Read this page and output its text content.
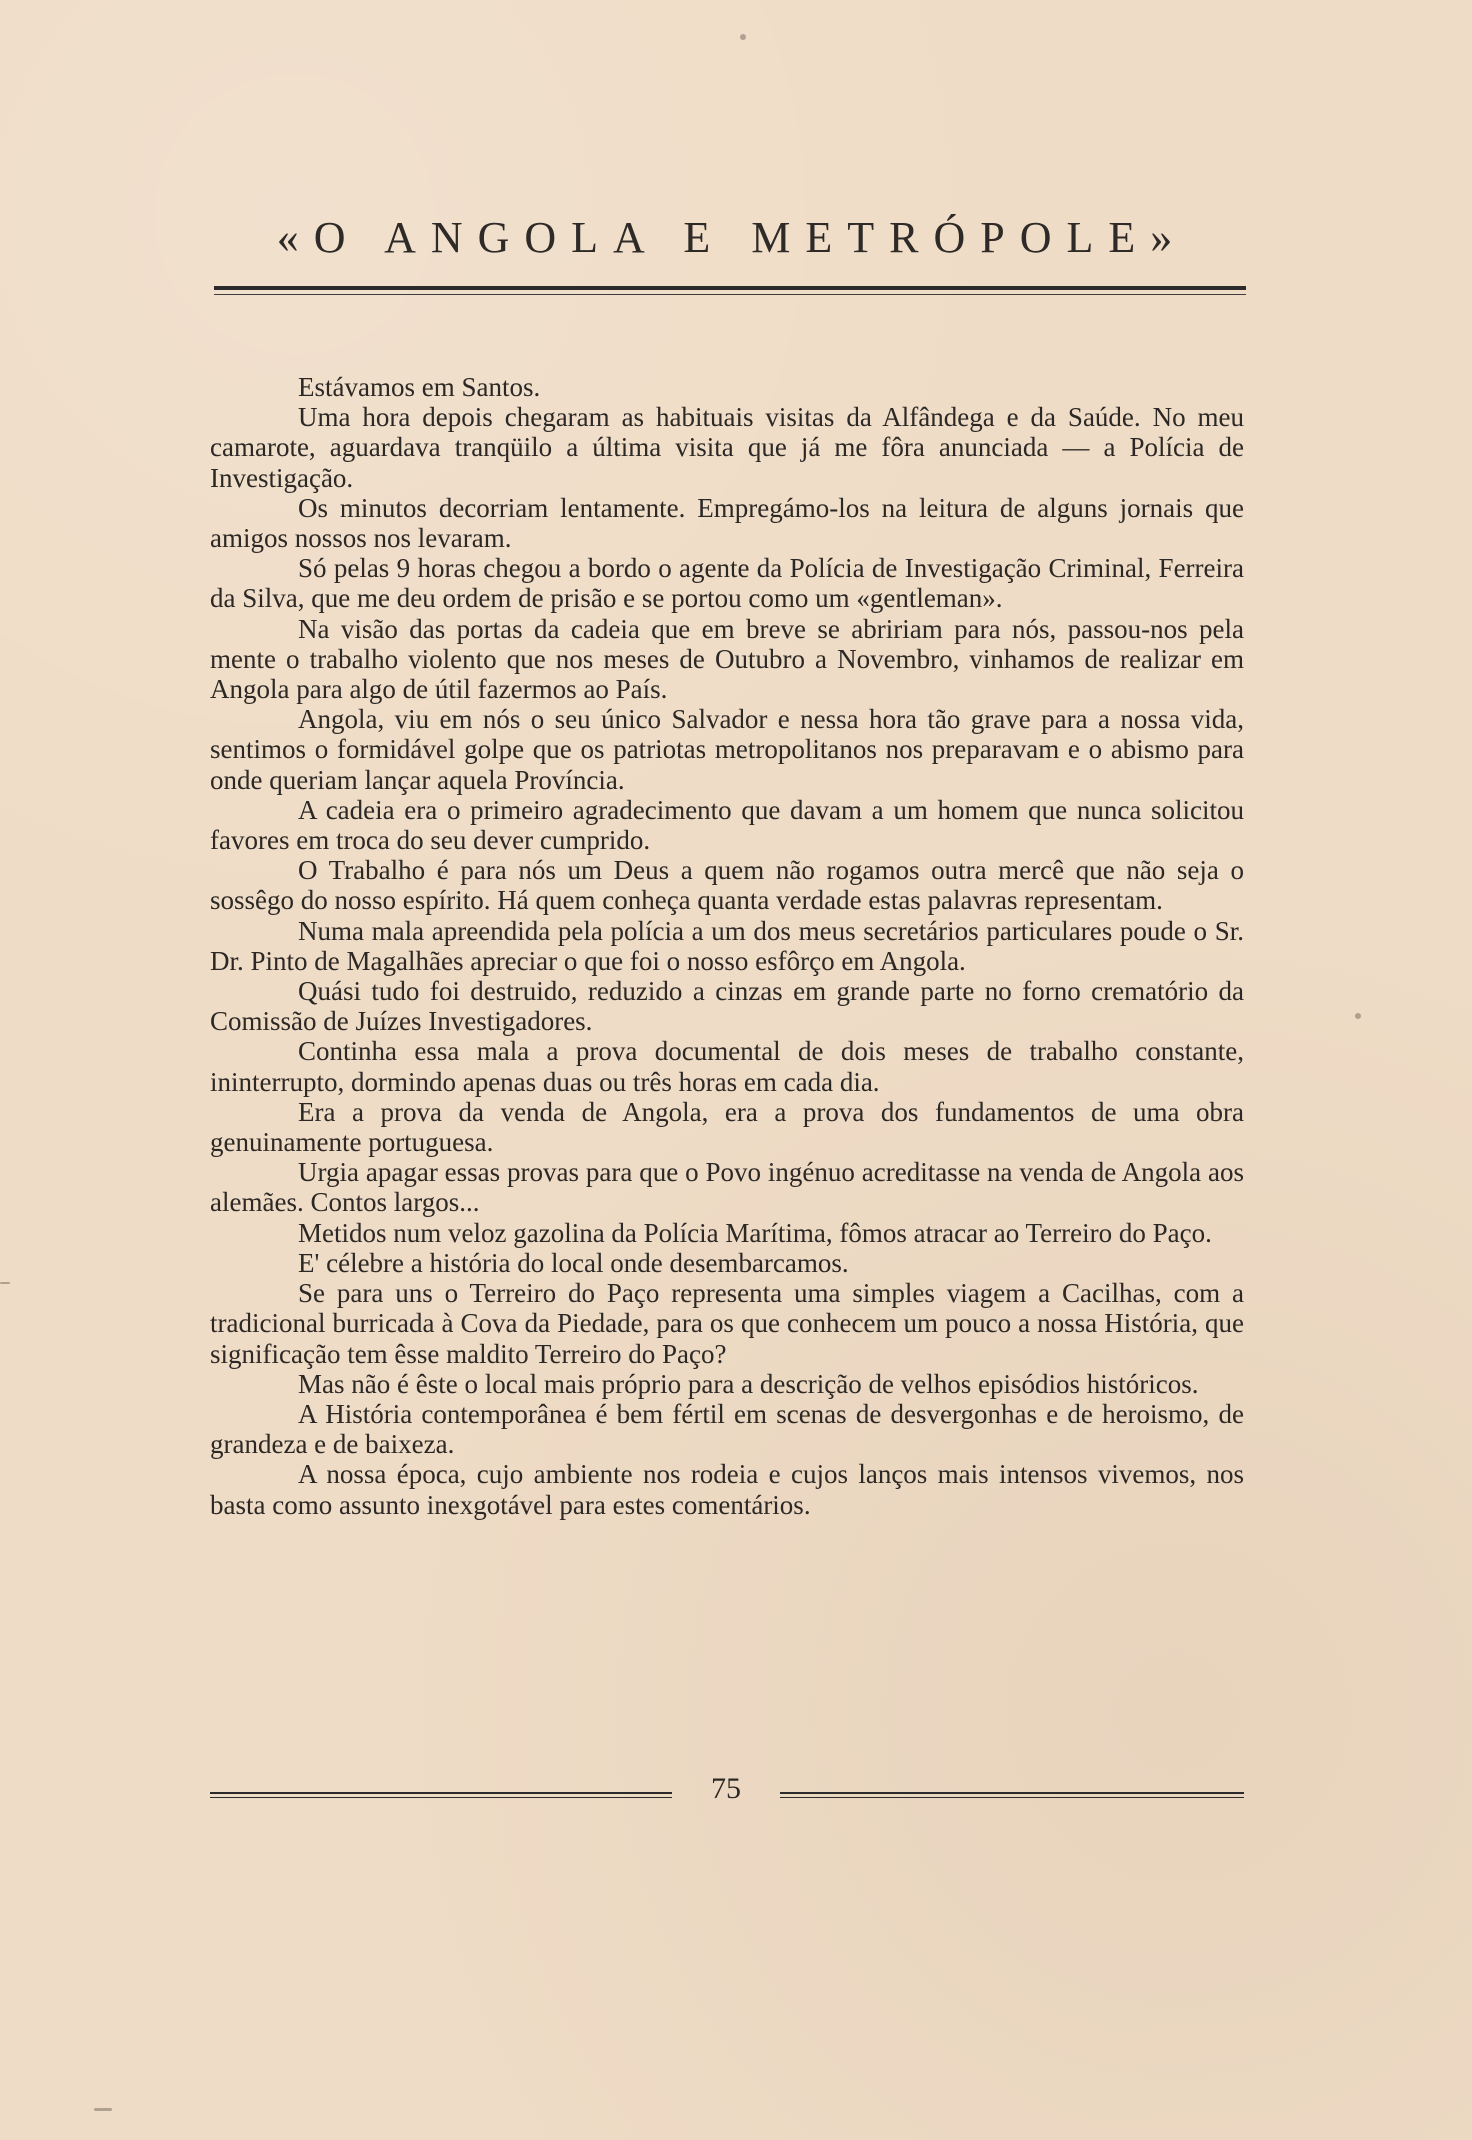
«O ANGOLA E METRÓPOLE»

Estávamos em Santos.

Uma hora depois chegaram as habituais visitas da Alfândega e da Saúde. No meu camarote, aguardava tranqüilo a última visita que já me fôra anunciada — a Polícia de Investigação.

Os minutos decorriam lentamente. Empregámo-los na leitura de alguns jornais que amigos nossos nos levaram.

Só pelas 9 horas chegou a bordo o agente da Polícia de Investigação Criminal, Ferreira da Silva, que me deu ordem de prisão e se portou como um «gentleman».

Na visão das portas da cadeia que em breve se abririam para nós, passou-nos pela mente o trabalho violento que nos meses de Outubro a Novembro, vinhamos de realizar em Angola para algo de útil fazermos ao País.

Angola, viu em nós o seu único Salvador e nessa hora tão grave para a nossa vida, sentimos o formidável golpe que os patriotas metropolitanos nos preparavam e o abismo para onde queriam lançar aquela Província.

A cadeia era o primeiro agradecimento que davam a um homem que nunca solicitou favores em troca do seu dever cumprido.

O Trabalho é para nós um Deus a quem não rogamos outra mercê que não seja o sossêgo do nosso espírito. Há quem conheça quanta verdade estas palavras representam.

Numa mala apreendida pela polícia a um dos meus secretários particulares poude o Sr. Dr. Pinto de Magalhães apreciar o que foi o nosso esfôrço em Angola.

Quási tudo foi destruido, reduzido a cinzas em grande parte no forno crematório da Comissão de Juízes Investigadores.

Continha essa mala a prova documental de dois meses de trabalho constante, ininterrupto, dormindo apenas duas ou três horas em cada dia.

Era a prova da venda de Angola, era a prova dos fundamentos de uma obra genuinamente portuguesa.

Urgia apagar essas provas para que o Povo ingénuo acreditasse na venda de Angola aos alemães. Contos largos...

Metidos num veloz gazolina da Polícia Marítima, fômos atracar ao Terreiro do Paço.

E' célebre a história do local onde desembarcamos.

Se para uns o Terreiro do Paço representa uma simples viagem a Cacilhas, com a tradicional burricada à Cova da Piedade, para os que conhecem um pouco a nossa História, que significação tem êsse maldito Terreiro do Paço?

Mas não é êste o local mais próprio para a descrição de velhos episódios históricos.

A História contemporânea é bem fértil em scenas de desvergonhas e de heroismo, de grandeza e de baixeza.

A nossa época, cujo ambiente nos rodeia e cujos lanços mais intensos vivemos, nos basta como assunto inexgotável para estes comentários.

75
